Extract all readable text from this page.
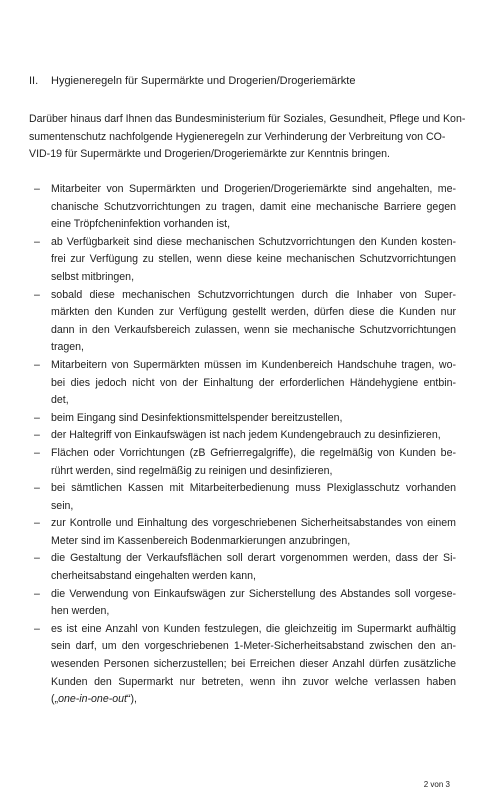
II. Hygieneregeln für Supermärkte und Drogerien/Drogeriemärkte
Darüber hinaus darf Ihnen das Bundesministerium für Soziales, Gesundheit, Pflege und Kon-
sumentenschutz nachfolgende Hygieneregeln zur Verhinderung der Verbreitung von CO-
VID-19 für Supermärkte und Drogerien/Drogeriemärkte zur Kenntnis bringen.
– Mitarbeiter von Supermärkten und Drogerien/Drogeriemärkte sind angehalten, me-
chanische Schutzvorrichtungen zu tragen, damit eine mechanische Barriere gegen
eine Tröpfcheninfektion vorhanden ist,
– ab Verfügbarkeit sind diese mechanischen Schutzvorrichtungen den Kunden kosten-
frei zur Verfügung zu stellen, wenn diese keine mechanischen Schutzvorrichtungen
selbst mitbringen,
– sobald diese mechanischen Schutzvorrichtungen durch die Inhaber von Super-
märkten den Kunden zur Verfügung gestellt werden, dürfen diese die Kunden nur
dann in den Verkaufsbereich zulassen, wenn sie mechanische Schutzvorrichtungen
tragen,
– Mitarbeitern von Supermärkten müssen im Kundenbereich Handschuhe tragen, wo-
bei dies jedoch nicht von der Einhaltung der erforderlichen Händehygiene entbin-
det,
– beim Eingang sind Desinfektionsmittelspender bereitzustellen,
– der Haltegriff von Einkaufswägen ist nach jedem Kundengebrauch zu desinfizieren,
– Flächen oder Vorrichtungen (zB Gefrierregalgriffe), die regelmäßig von Kunden be-
rührt werden, sind regelmäßig zu reinigen und desinfizieren,
– bei sämtlichen Kassen mit Mitarbeiterbedienung muss Plexiglasschutz vorhanden
sein,
– zur Kontrolle und Einhaltung des vorgeschriebenen Sicherheitsabstandes von einem
Meter sind im Kassenbereich Bodenmarkierungen anzubringen,
– die Gestaltung der Verkaufsflächen soll derart vorgenommen werden, dass der Si-
cherheitsabstand eingehalten werden kann,
– die Verwendung von Einkaufswägen zur Sicherstellung des Abstandes soll vorgese-
hen werden,
– es ist eine Anzahl von Kunden festzulegen, die gleichzeitig im Supermarkt aufhältig
sein darf, um den vorgeschriebenen 1-Meter-Sicherheitsabstand zwischen den an-
wesenden Personen sicherzustellen; bei Erreichen dieser Anzahl dürfen zusätzliche
Kunden den Supermarkt nur betreten, wenn ihn zuvor welche verlassen haben
(„one-in-one-out“),
2 von 3
